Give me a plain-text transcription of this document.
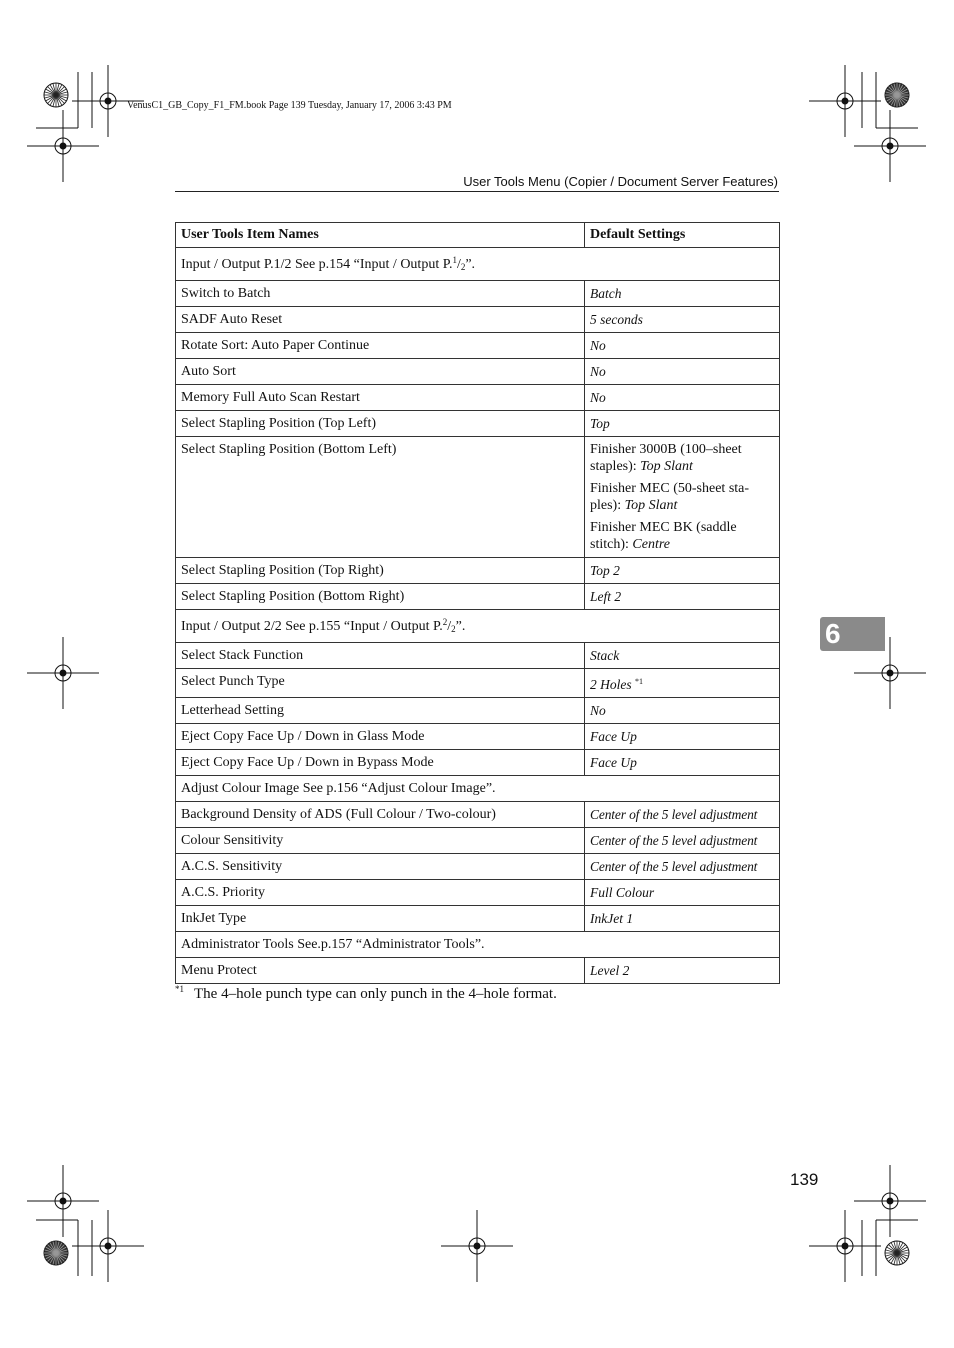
VenusC1_GB_Copy_F1_FM.book Page 139 Tuesday, January 17, 2006 3:43 PM
User Tools Menu (Copier / Document Server Features)
User Tools Item Names	Default Settings
Input / Output P.1/2 See p.154 “Input / Output $P.^1/_2$”.	
Switch to Batch	Batch
SADF Auto Reset	5 seconds
Rotate Sort: Auto Paper Continue	No
Auto Sort	No
Memory Full Auto Scan Restart	No
Select Stapling Position (Top Left)	Top
Select Stapling Position (Bottom Left)	Finisher 3000B (100–sheet staples): Top Slant
Finisher MEC (50-sheet sta-ples): Top Slant
Finisher MEC BK (saddle stitch): Centre

Select Stapling Position (Top Right)	Top 2
Select Stapling Position (Bottom Right)	Left 2
Input / Output 2/2 See p.155 “Input / Output $P.^2/_2$”.	
Select Stack Function	Stack
Select Punch Type	2 Holes $^{*1}$
Letterhead Setting	No
Eject Copy Face Up / Down in Glass Mode	Face Up
Eject Copy Face Up / Down in Bypass Mode	Face Up
Adjust Colour Image See p.156 “Adjust Colour Image”.	
Background Density of ADS (Full Colour / Two-colour)	Center of the 5 level adjustment
Colour Sensitivity	Center of the 5 level adjustment
A.C.S. Sensitivity	Center of the 5 level adjustment
A.C.S. Priority	Full Colour
InkJet Type	InkJet 1
Administrator Tools See.p.157 “Administrator Tools”.	
Menu Protect	Level 2
$^{*1}$ The 4–hole punch type can only punch in the 4–hole format.
6
139
